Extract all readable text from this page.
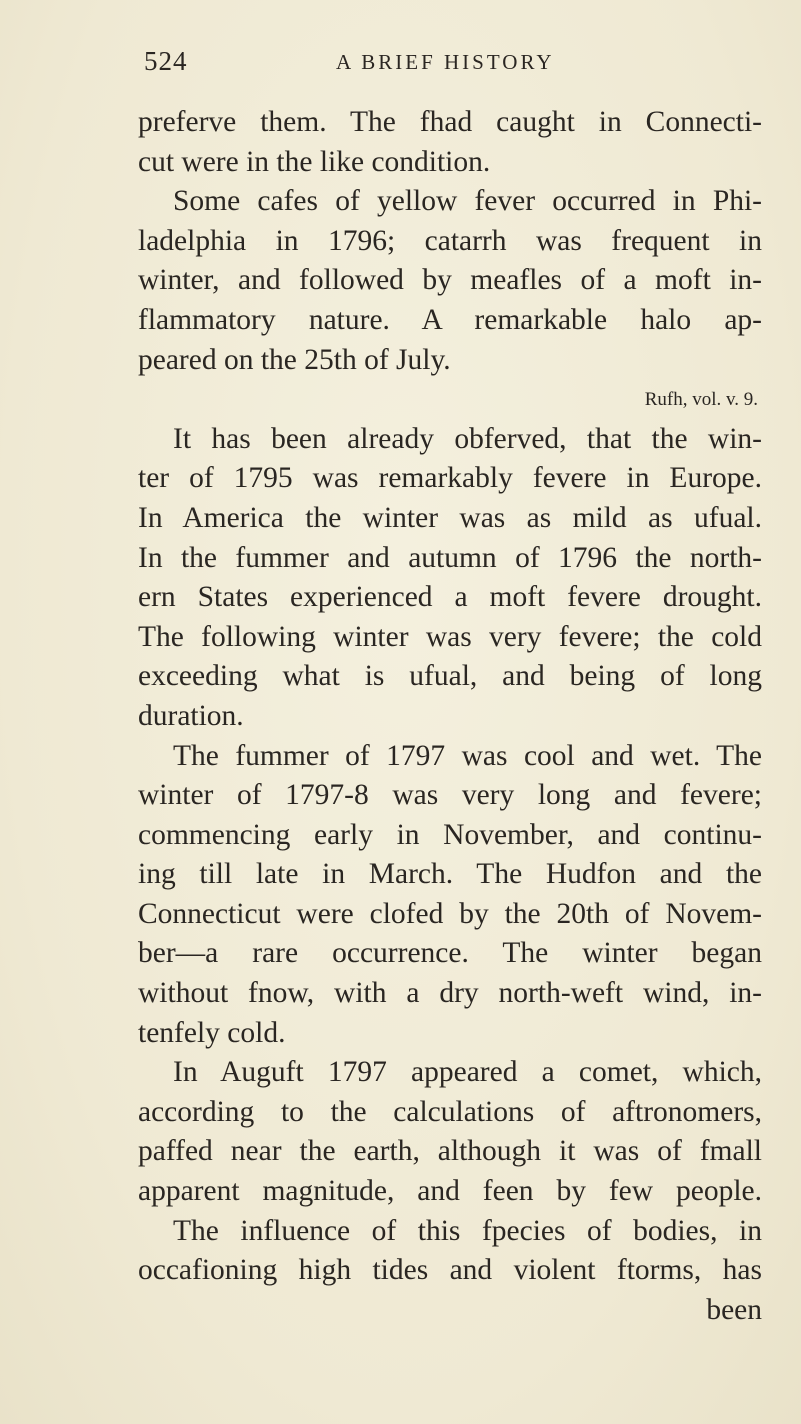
524	A BRIEF HISTORY
preferve them. The fhad caught in Connecti-
cut were in the like condition.
Some cafes of yellow fever occurred in Phi-
ladelphia in 1796; catarrh was frequent in
winter, and followed by meafles of a moft in-
flammatory nature. A remarkable halo ap-
peared on the 25th of July.
Rufh, vol. v. 9.
It has been already obferved, that the win-
ter of 1795 was remarkably fevere in Europe.
In America the winter was as mild as ufual.
In the fummer and autumn of 1796 the north-
ern States experienced a moft fevere drought.
The following winter was very fevere; the cold
exceeding what is ufual, and being of long
duration.
The fummer of 1797 was cool and wet. The
winter of 1797-8 was very long and fevere;
commencing early in November, and continu-
ing till late in March. The Hudfon and the
Connecticut were clofed by the 20th of Novem-
ber—a rare occurrence. The winter began
without fnow, with a dry north-weft wind, in-
tenfely cold.
In Auguft 1797 appeared a comet, which,
according to the calculations of aftronomers,
paffed near the earth, although it was of fmall
apparent magnitude, and feen by few people.
The influence of this fpecies of bodies, in
occafioning high tides and violent ftorms, has
been
